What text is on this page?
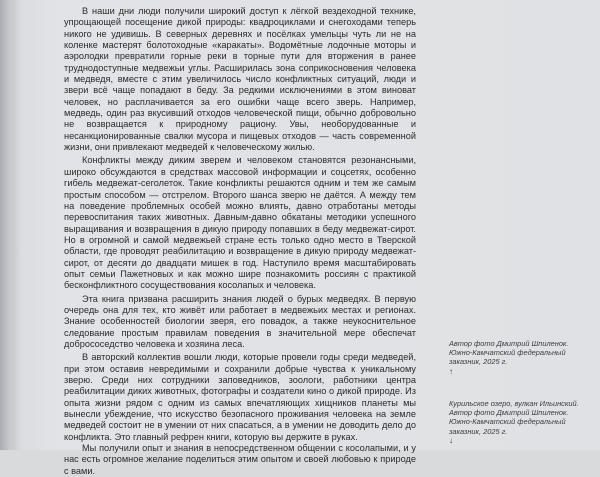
В наши дни люди получили широкий доступ к лёгкой вездеходной технике, упрощающей посещение дикой природы: квадроциклами и снегоходами теперь никого не удивишь. В северных деревнях и посёлках умельцы чуть ли не на коленке мастерят болотоходные «каракаты». Водомётные лодочные моторы и аэролодки превратили горные реки в торные пути для вторжения в ранее труднодоступные медвежьи углы. Расширилась зона соприкосновения человека и медведя, вместе с этим увеличилось число конфликтных ситуаций, люди и звери всё чаще попадают в беду. За редкими исключениями в этом виноват человек, но расплачивается за его ошибки чаще всего зверь. Например, медведь, один раз вкусивший отходов человеческой пищи, обычно добровольно не возвращается к природному рациону. Увы, необорудованные и несанкционированные свалки мусора и пищевых отходов — часть современной жизни, они привлекают медведей к человеческому жилью.

Конфликты между диким зверем и человеком становятся резонансными, широко обсуждаются в средствах массовой информации и соцсетях, особенно гибель медвежат-сеголеток. Такие конфликты решаются одним и тем же самым простым способом — отстрелом. Второго шанса зверю не даётся. А между тем на поведение проблемных особей можно влиять, давно отработаны методы перевоспитания таких животных. Давным-давно обкатаны методики успешного выращивания и возвращения в дикую природу попавших в беду медвежат-сирот. Но в огромной и самой медвежьей стране есть только одно место в Тверской области, где проводят реабилитацию и возвращение в дикую природу медвежат-сирот, от десяти до двадцати мишек в год. Наступило время масштабировать опыт семьи Пажетновых и как можно шире познакомить россиян с практикой бесконфликтного сосуществования косолапых и человека.

Эта книга призвана расширить знания людей о бурых медведях. В первую очередь она для тех, кто живёт или работает в медвежьих местах и регионах. Знание особенностей биологии зверя, его повадок, а также неукоснительное следование простым правилам поведения в значительной мере обеспечат добрососедство человека и хозяина леса.

В авторский коллектив вошли люди, которые провели годы среди медведей, при этом оставив невредимыми и сохранили добрые чувства к уникальному зверю. Среди них сотрудники заповедников, зоологи, работники центра реабилитации диких животных, фотографы и создатели кино о дикой природе. Из опыта жизни рядом с одним из самых впечатляющих хищников планеты мы вынесли убеждение, что искусство безопасного проживания человека на земле медведей состоит не в умении от них спасаться, а в умении не доводить дело до конфликта. Это главный рефрен книги, которую вы держите в руках.

Мы получили опыт и знания в непосредственном общении с косолапыми, и у нас есть огромное желание поделиться этим опытом и своей любовью к природе с вами.

Автор фото Дмитрий Шпиленок.
Южно-Камчатский федеральный
заказник, 2025 г.
↑
Курильское озеро, вулкан Ильинский.
Автор фото Дмитрий Шпиленок.
Южно-Камчатский федеральный
заказник, 2025 г.
↓
